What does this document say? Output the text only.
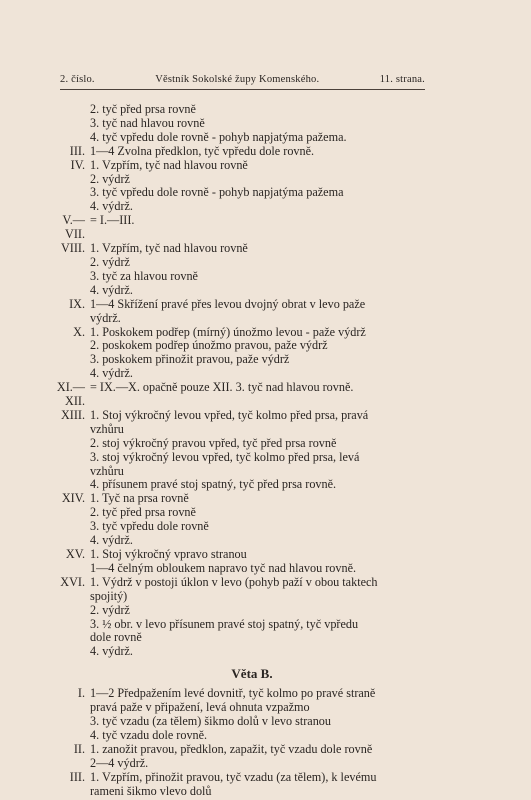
2. číslo.	Věstník Sokolské župy Komenského.	11. strana.
2. tyč před prsa rovně
3. tyč nad hlavou rovně
4. tyč vpředu dole rovně - pohyb napjatýma pažema.
III. 1—4 Zvolna předklon, tyč vpředu dole rovně.
IV. 1. Vzpřím, tyč nad hlavou rovně
2. výdrž
3. tyč vpředu dole rovně - pohyb napjatýma pažema
4. výdrž.
V.—VII.
= I.—III.
VIII. 1. Vzpřím, tyč nad hlavou rovně
2. výdrž
3. tyč za hlavou rovně
4. výdrž.
IX. 1—4 Skřížení pravé přes levou dvojný obrat v levo paže
výdrž.
X. 1. Poskokem podřep (mírný) únožmo levou - paže výdrž
2. poskokem podřep únožmo pravou, paže výdrž
3. poskokem přinožit pravou, paže výdrž
4. výdrž.
XI.—XII.
= IX.—X. opačně pouze XII. 3. tyč nad hlavou rovně.
XIII. 1. Stoj výkročný levou vpřed, tyč kolmo před prsa, pravá
vzhůru
2. stoj výkročný pravou vpřed, tyč před prsa rovně
3. stoj výkročný levou vpřed, tyč kolmo před prsa, levá
vzhůru
4. přísunem pravé stoj spatný, tyč před prsa rovně.
XIV. 1. Tyč na prsa rovně
2. tyč před prsa rovně
3. tyč vpředu dole rovně
4. výdrž.
XV. 1. Stoj výkročný vpravo stranou
1—4 čelným obloukem napravo tyč nad hlavou rovně.
XVI. 1. Výdrž v postoji úklon v levo (pohyb paží v obou taktech
spojitý)
2. výdrž
3. ½ obr. v levo přísunem pravé stoj spatný, tyč vpředu
dole rovně
4. výdrž.
Věta B.
I. 1—2 Předpažením levé dovnitř, tyč kolmo po pravé straně
pravá paže v připažení, levá ohnuta vzpažmo
3. tyč vzadu (za tělem) šikmo dolů v levo stranou
4. tyč vzadu dole rovně.
II. 1. zanožit pravou, předklon, zapažit, tyč vzadu dole rovně
2—4 výdrž.
III. 1. Vzpřím, přinožit pravou, tyč vzadu (za tělem), k levému
rameni šikmo vlevo dolů
